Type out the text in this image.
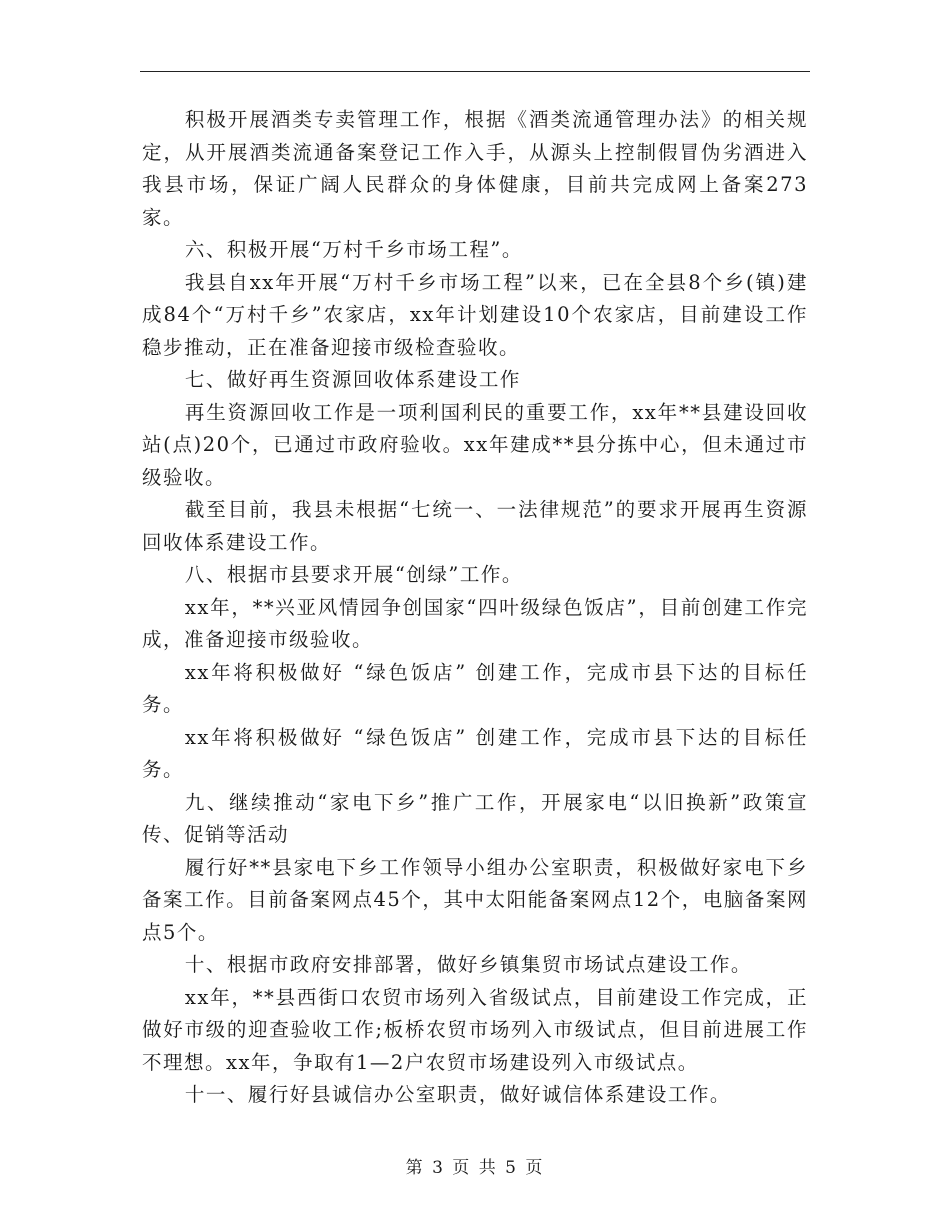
积极开展酒类专卖管理工作，根据《酒类流通管理办法》的相关规定，从开展酒类流通备案登记工作入手，从源头上控制假冒伪劣酒进入我县市场，保证广阔人民群众的身体健康，目前共完成网上备案273家。

六、积极开展“万村千乡市场工程”。

我县自xx年开展“万村千乡市场工程”以来，已在全县8个乡(镇)建成84个“万村千乡”农家店，xx年计划建设10个农家店，目前建设工作稳步推动，正在准备迎接市级检查验收。

七、做好再生资源回收体系建设工作

再生资源回收工作是一项利国利民的重要工作，xx年**县建设回收站(点)20个，已通过市政府验收。xx年建成**县分拣中心，但未通过市级验收。

截至目前，我县未根据“七统一、一法律规范”的要求开展再生资源回收体系建设工作。

八、根据市县要求开展“创绿”工作。

xx年，**兴亚风情园争创国家“四叶级绿色饭店”，目前创建工作完成，准备迎接市级验收。

xx年将积极做好 “绿色饭店” 创建工作，完成市县下达的目标任务。

xx年将积极做好 “绿色饭店” 创建工作，完成市县下达的目标任务。

九、继续推动“家电下乡”推广工作，开展家电“以旧换新”政策宣传、促销等活动

履行好**县家电下乡工作领导小组办公室职责，积极做好家电下乡备案工作。目前备案网点45个，其中太阳能备案网点12个，电脑备案网点5个。

十、根据市政府安排部署，做好乡镇集贸市场试点建设工作。

xx年，**县西街口农贸市场列入省级试点，目前建设工作完成，正做好市级的迎查验收工作;板桥农贸市场列入市级试点，但目前进展工作不理想。xx年，争取有1—2户农贸市场建设列入市级试点。

十一、履行好县诚信办公室职责，做好诚信体系建设工作。

第 3 页 共 5 页
